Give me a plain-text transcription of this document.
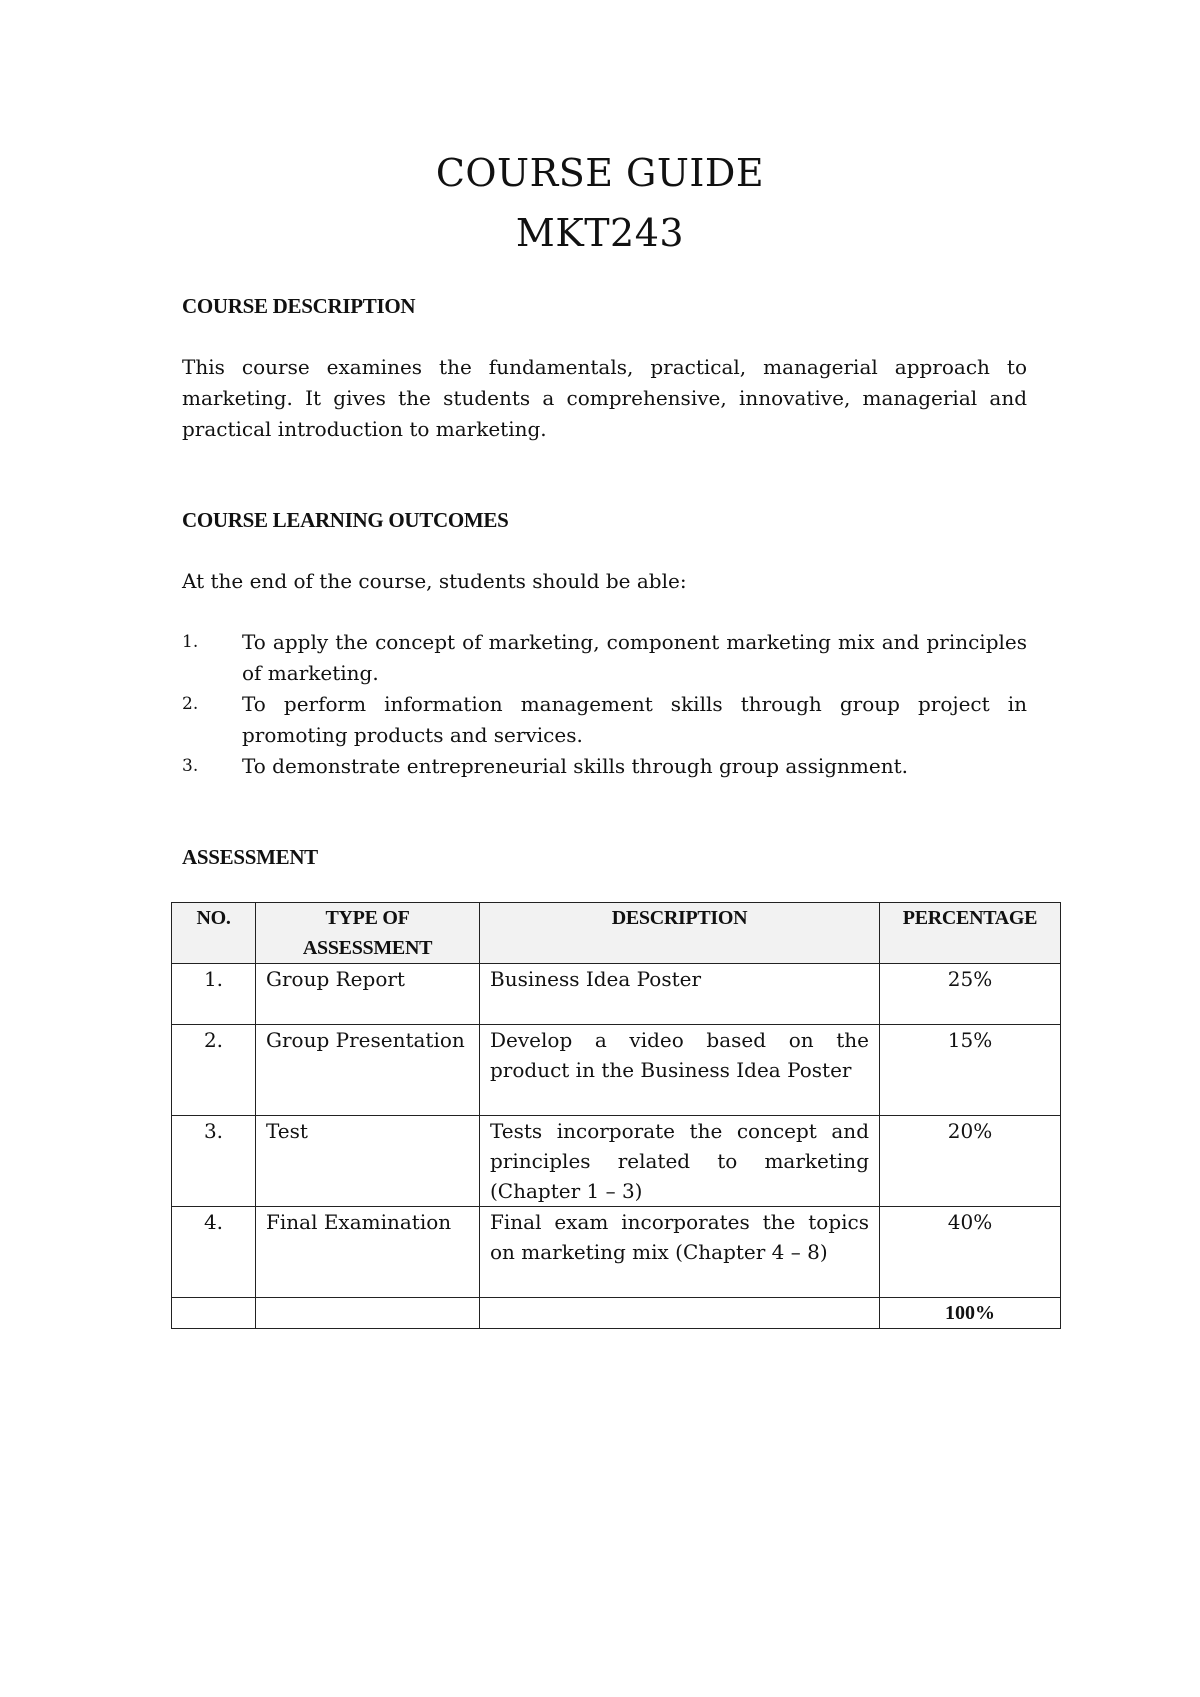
COURSE GUIDE
MKT243
COURSE DESCRIPTION
This course examines the fundamentals, practical, managerial approach to marketing. It gives the students a comprehensive, innovative, managerial and practical introduction to marketing.
COURSE LEARNING OUTCOMES
At the end of the course, students should be able:
1. To apply the concept of marketing, component marketing mix and principles of marketing.
2. To perform information management skills through group project in promoting products and services.
3. To demonstrate entrepreneurial skills through group assignment.
ASSESSMENT
NO.	TYPE OF ASSESSMENT	DESCRIPTION	PERCENTAGE
1.	Group Report	Business Idea Poster	25%
2.	Group Presentation	Develop a video based on the product in the Business Idea Poster	15%
3.	Test	Tests incorporate the concept and principles related to marketing (Chapter 1 – 3)	20%
4.	Final Examination	Final exam incorporates the topics on marketing mix (Chapter 4 – 8)	40%
			100%
